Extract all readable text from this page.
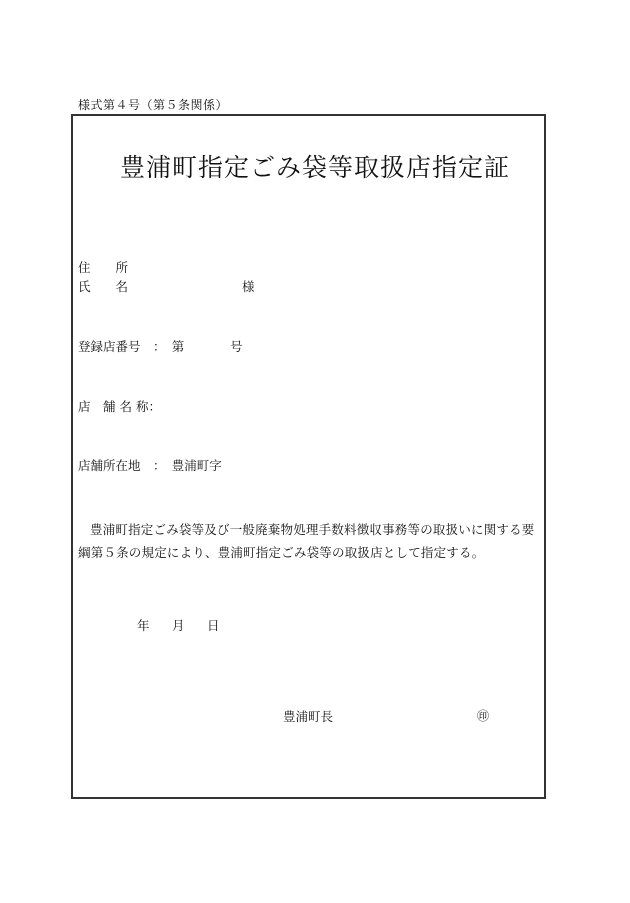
様式第４号（第５条関係）
豊浦町指定ごみ袋等取扱店指定証
住　　所
氏　　名	様
登録店番号　：　第	号
店　舗 名 称：
店舗所在地　：　豊浦町字
豊浦町指定ごみ袋等及び一般廃棄物処理手数料徴収事務等の取扱いに関する要綱第５条の規定により、豊浦町指定ごみ袋等の取扱店として指定する。
年 月 日
豊浦町長	㊞
